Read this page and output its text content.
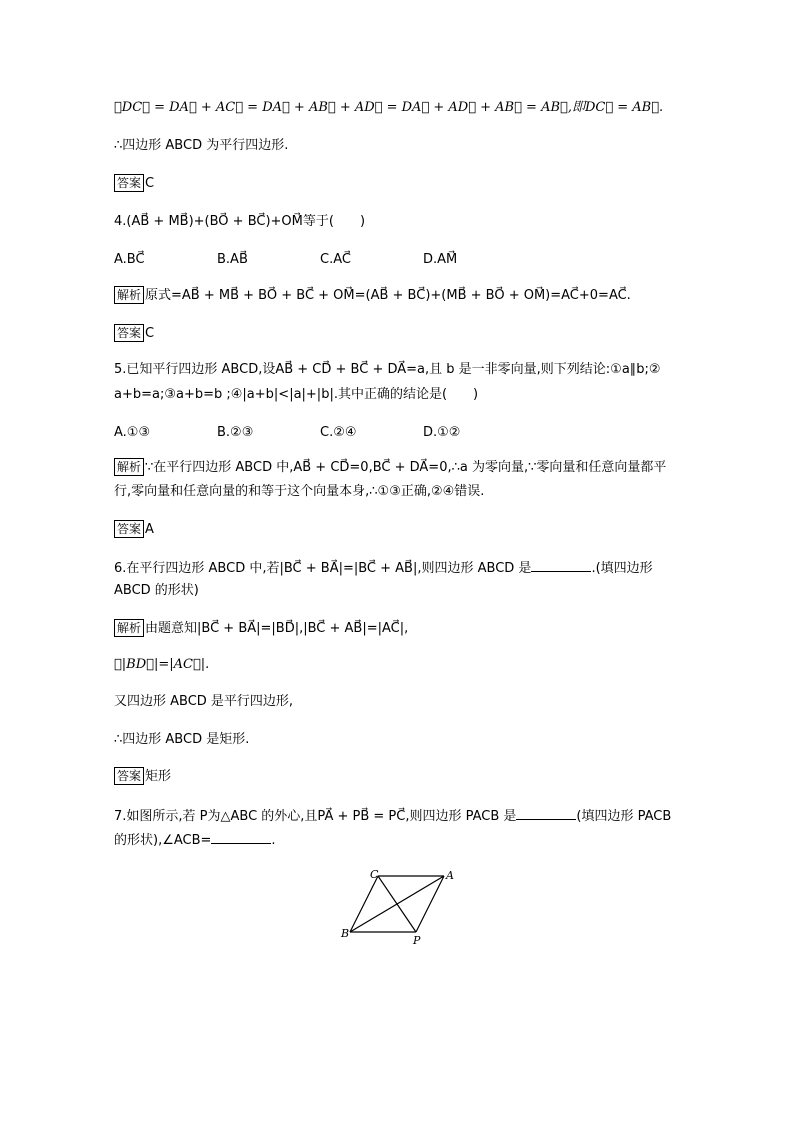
∴DC⃗ = DA⃗ + AC⃗ = DA⃗ + AB⃗ + AD⃗ = DA⃗ + AD⃗ + AB⃗ = AB⃗,即DC⃗ = AB⃗.
∴四边形 ABCD 为平行四边形.
答案 C
4.(AB⃗ + MB⃗)+(BO⃗ + BC⃗)+OM⃗等于(　　)
A.BC⃗	B.AB⃗	C.AC⃗	D.AM⃗
解析 原式=AB⃗ + MB⃗ + BO⃗ + BC⃗ + OM⃗=(AB⃗ + BC⃗)+(MB⃗ + BO⃗ + OM⃗)=AC⃗+0=AC⃗.
答案 C
5.已知平行四边形 ABCD,设AB⃗ + CD⃗ + BC⃗ + DA⃗=a,且 b 是一非零向量,则下列结论:①a∥b;②
a+b=a;③a+b=b ;④|a+b|<|a|+|b|.其中正确的结论是(　　)
A.①③	B.②③	C.②④	D.①②
解析 ∵在平行四边形 ABCD 中,AB⃗ + CD⃗=0,BC⃗ + DA⃗=0,∴a 为零向量,∵零向量和任意向量都平
行,零向量和任意向量的和等于这个向量本身,∴①③正确,②④错误.
答案 A
6.在平行四边形 ABCD 中,若|BC⃗ + BA⃗|=|BC⃗ + AB⃗|,则四边形 ABCD 是	.(填四边形
ABCD 的形状)
解析 由题意知|BC⃗ + BA⃗|=|BD⃗|,|BC⃗ + AB⃗|=|AC⃗|,
∴|BD⃗|=|AC⃗|.
又四边形 ABCD 是平行四边形,
∴四边形 ABCD 是矩形.
答案 矩形
7.如图所示,若 P为△ABC 的外心,且PA⃗ + PB⃗ = PC⃗,则四边形 PACB 是	(填四边形 PACB
的形状),∠ACB=	.
C	A
B
P
